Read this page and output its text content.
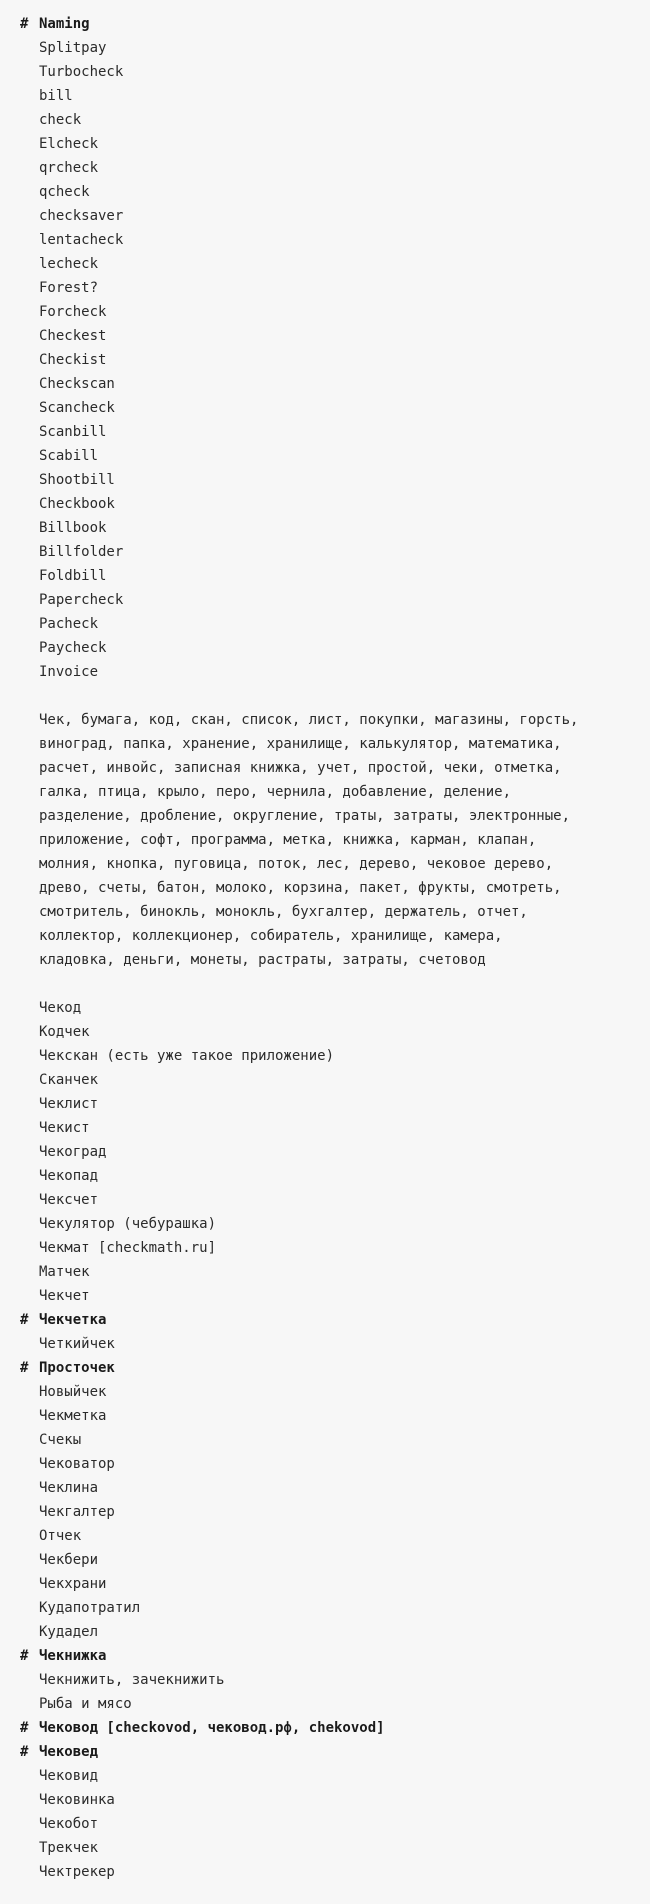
# Naming
Splitpay
Turbocheck
bill
check
Elcheck
qrcheck
qcheck
checksaver
lentacheck
lecheck
Forest?
Forcheck
Checkest
Checkist
Checkscan
Scancheck
Scanbill
Scabill
Shootbill
Checkbook
Billbook
Billfolder
Foldbill
Papercheck
Pacheck
Paycheck
Invoice
Чек, бумага, код, скан, список, лист, покупки, магазины, горсть,
виноград, папка, хранение, хранилище, калькулятор, математика,
расчет, инвойс, записная книжка, учет, простой, чеки, отметка,
галка, птица, крыло, перо, чернила, добавление, деление,
разделение, дробление, округление, траты, затраты, электронные,
приложение, софт, программа, метка, книжка, карман, клапан,
молния, кнопка, пуговица, поток, лес, дерево, чековое дерево,
древо, счеты, батон, молоко, корзина, пакет, фрукты, смотреть,
смотритель, бинокль, монокль, бухгалтер, держатель, отчет,
коллектор, коллекционер, собиратель, хранилище, камера,
кладовка, деньги, монеты, растраты, затраты, счетовод
Чекод
Кодчек
Чекскан (есть уже такое приложение)
Сканчек
Чеклист
Чекист
Чекоград
Чекопад
Чексчет
Чекулятор (чебурашка)
Чекмат [checkmath.ru]
Матчек
Чекчет
# Чекчетка
Четкийчек
# Просточек
Новыйчек
Чекметка
Счекы
Чековатор
Чеклина
Чекгалтер
Отчек
Чекбери
Чекхрани
Кудапотратил
Кудадел
# Чекнижка
Чекнижить, зачекнижить
Рыба и мясо
# Чековод [checkovod, чековод.рф, chekovod]
# Чековед
Чековид
Чековинка
Чекобот
Трекчек
Чектрекер
